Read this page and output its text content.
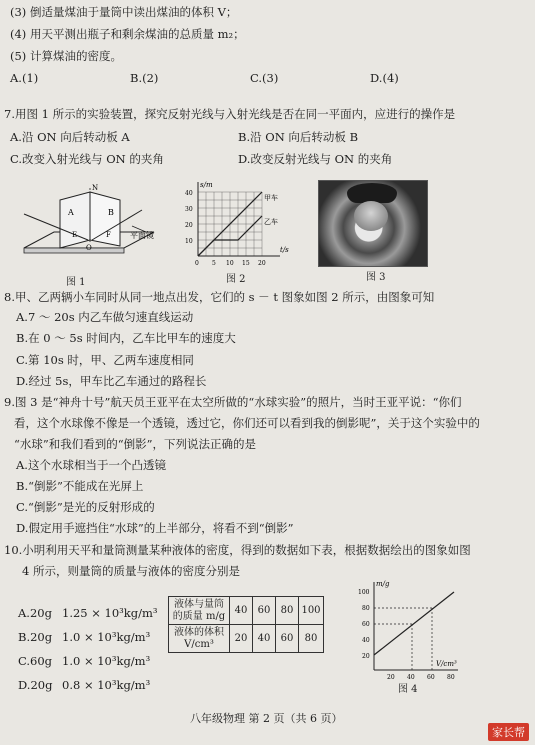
(3) 倒适量煤油于量筒中读出煤油的体积 V；
(4) 用天平测出瓶子和剩余煤油的总质量 m₂；
(5) 计算煤油的密度。
A.(1)	B.(2)	C.(3)	D.(4)
7.用图 1 所示的实验装置，探究反射光线与入射光线是否在同一平面内，应进行的操作是
A.沿 ON 向后转动板 A	B.沿 ON 向后转动板 B
C.改变入射光线与 ON 的夹角	D.改变反射光线与 ON 的夹角
A	B
N
O
E	F 平面镜
图 1
s/m
t/s
甲车
乙车
10
20
30
40
0 5 10 15 20
图 2	图 3
8.甲、乙两辆小车同时从同一地点出发，它们的 s － t 图象如图 2 所示，由图象可知
A.7 ～ 20s 内乙车做匀速直线运动
B.在 0 ～ 5s 时间内，乙车比甲车的速度大
C.第 10s 时，甲、乙两车速度相同
D.经过 5s，甲车比乙车通过的路程长
9.图 3 是“神舟十号”航天员王亚平在太空所做的“水球实验”的照片，当时王亚平说：“你们
看，这个水球像不像是一个透镜，透过它，你们还可以看到我的倒影呢”，关于这个实验中的
“水球”和我们看到的“倒影”，下列说法正确的是
A.这个水球相当于一个凸透镜
B.“倒影”不能成在光屏上
C.“倒影”是光的反射形成的
D.假定用手遮挡住“水球”的上半部分，将看不到“倒影”
10.小明利用天平和量筒测量某种液体的密度，得到的数据如下表，根据数据绘出的图象如图
4 所示，则量筒的质量与液体的密度分别是
A.20g 1.25 × 10³kg/m³
B.20g 1.0 × 10³kg/m³
C.60g 1.0 × 10³kg/m³
D.20g 0.8 × 10³kg/m³
液体与量筒
的质量 m/g	40	60	80	100

液体的体积
V/cm³	20	40	60	80
m/g
V/cm³
20
40
60
80
100
20 40 60 80
图 4
八年级物理 第 2 页（共 6 页）
家长帮
